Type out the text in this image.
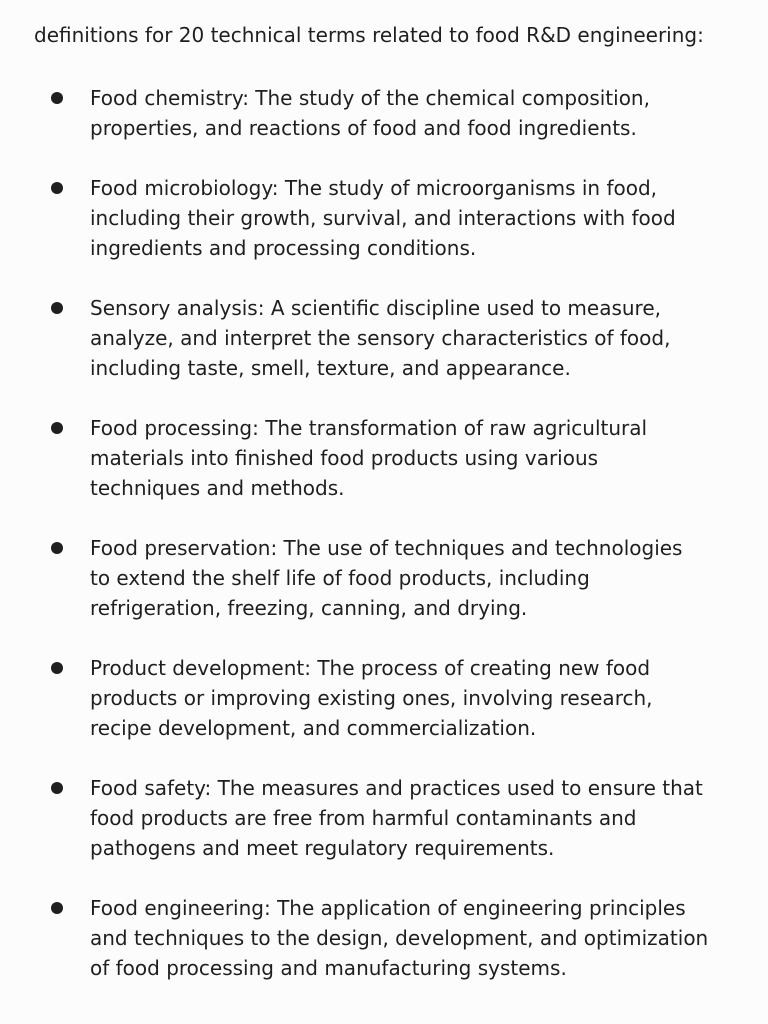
definitions for 20 technical terms related to food R&D engineering:

Food chemistry: The study of the chemical composition,
properties, and reactions of food and food ingredients.
Food microbiology: The study of microorganisms in food,
including their growth, survival, and interactions with food
ingredients and processing conditions.
Sensory analysis: A scientific discipline used to measure,
analyze, and interpret the sensory characteristics of food,
including taste, smell, texture, and appearance.
Food processing: The transformation of raw agricultural
materials into finished food products using various
techniques and methods.
Food preservation: The use of techniques and technologies
to extend the shelf life of food products, including
refrigeration, freezing, canning, and drying.
Product development: The process of creating new food
products or improving existing ones, involving research,
recipe development, and commercialization.
Food safety: The measures and practices used to ensure that
food products are free from harmful contaminants and
pathogens and meet regulatory requirements.
Food engineering: The application of engineering principles
and techniques to the design, development, and optimization
of food processing and manufacturing systems.
